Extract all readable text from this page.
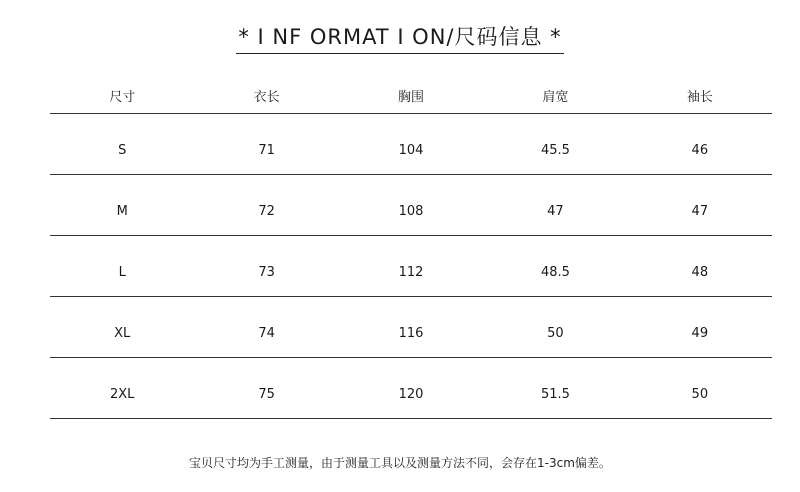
* I NF ORMAT I ON/尺码信息 *
尺寸	衣长	胸围	肩宽	袖长
S	71	104	45.5	46
M	72	108	47	47
L	73	112	48.5	48
XL	74	116	50	49
2XL	75	120	51.5	50
宝贝尺寸均为手工测量，由于测量工具以及测量方法不同，会存在1-3cm偏差。
